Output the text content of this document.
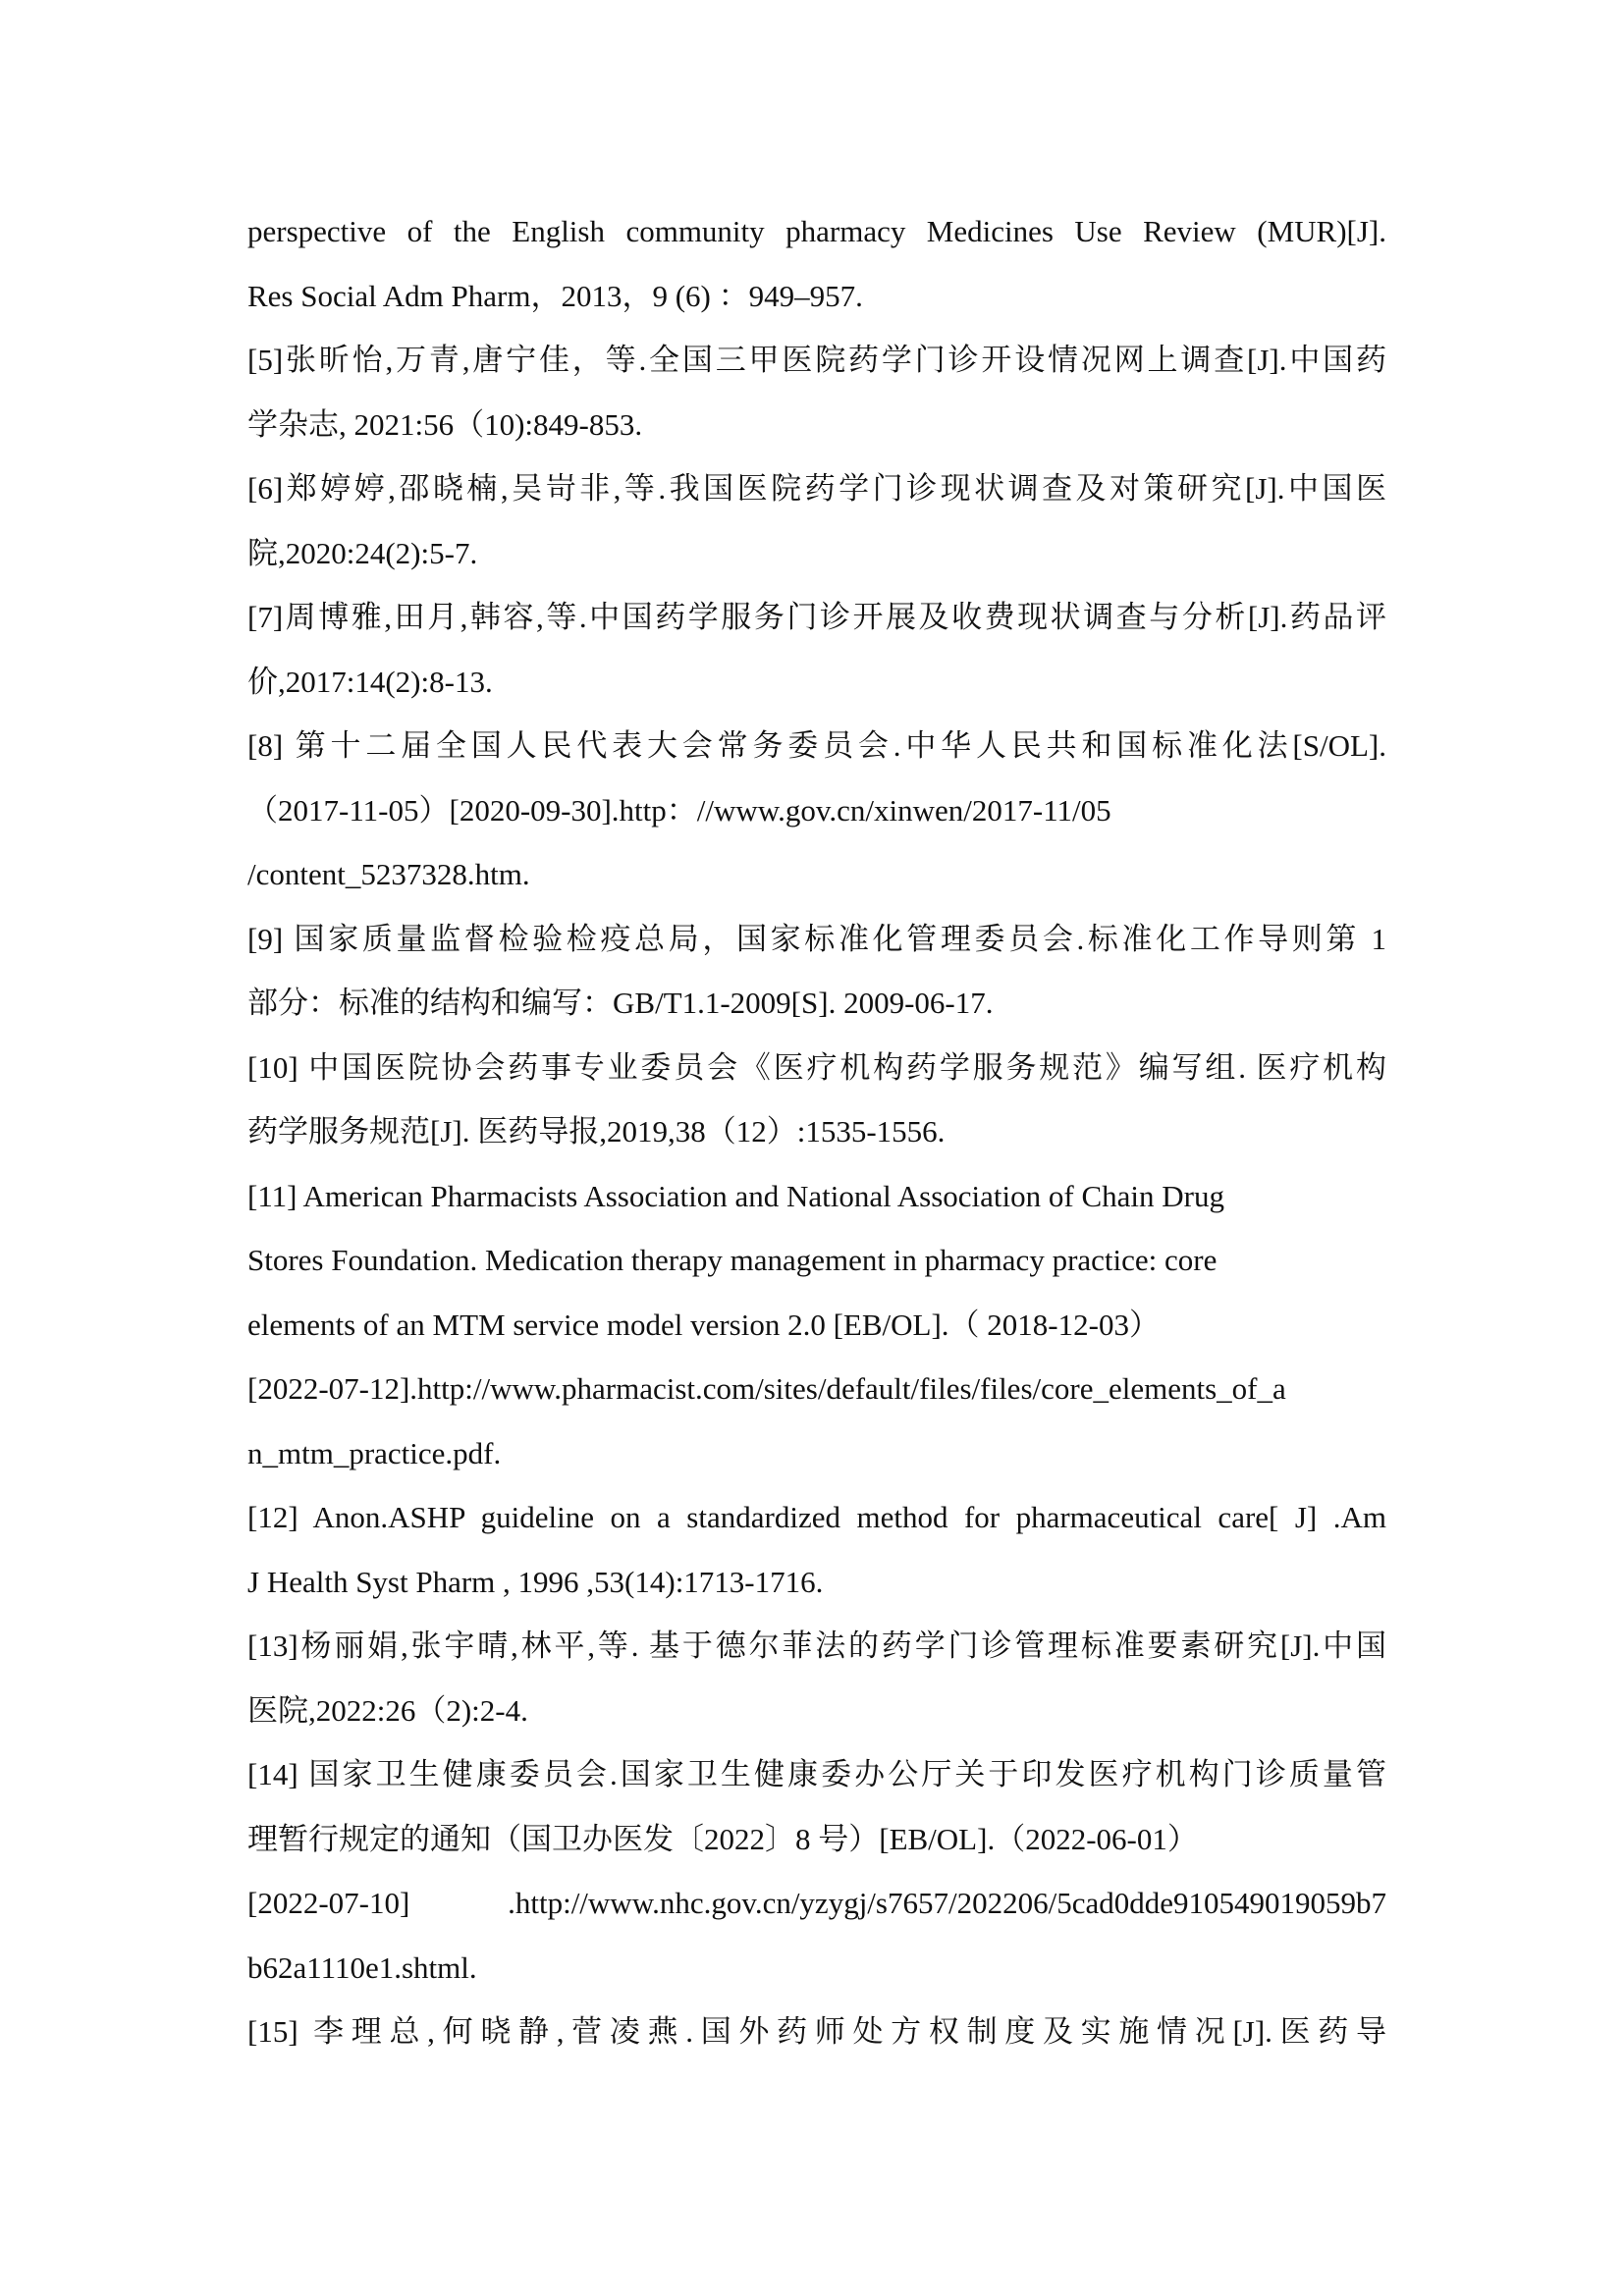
perspective of the English community pharmacy Medicines Use Review (MUR)[J].
Res Social Adm Pharm，2013，9 (6) ：949–957.
[5]张昕怡,万青,唐宁佳，等.全国三甲医院药学门诊开设情况网上调查[J].中国药
学杂志, 2021:56（10):849-853.
[6]郑婷婷,邵晓楠,吴岢非,等.我国医院药学门诊现状调查及对策研究[J].中国医
院,2020:24(2):5-7.
[7]周博雅,田月,韩容,等.中国药学服务门诊开展及收费现状调查与分析[J].药品评
价,2017:14(2):8-13.
[8] 第十二届全国人民代表大会常务委员会.中华人民共和国标准化法[S/OL].
（2017-11-05）[2020-09-30].http：//www.gov.cn/xinwen/2017-11/05
/content_5237328.htm.
[9] 国家质量监督检验检疫总局，国家标准化管理委员会.标准化工作导则第 1
部分：标准的结构和编写：GB/T1.1-2009[S]. 2009-06-17.
[10] 中国医院协会药事专业委员会《医疗机构药学服务规范》编写组. 医疗机构
药学服务规范[J]. 医药导报,2019,38（12）:1535-1556.
[11] American Pharmacists Association and National Association of Chain Drug
Stores Foundation. Medication therapy management in pharmacy practice: core
elements of an MTM service model version 2.0 [EB/OL].（ 2018-12-03）
[2022-07-12].http://www.pharmacist.com/sites/default/files/files/core_elements_of_a
n_mtm_practice.pdf.
[12] Anon.ASHP guideline on a standardized method for pharmaceutical care[ J] .Am
J Health Syst Pharm , 1996 ,53(14):1713-1716.
[13]杨丽娟,张宇晴,林平,等. 基于德尔菲法的药学门诊管理标准要素研究[J].中国
医院,2022:26（2):2-4.
[14] 国家卫生健康委员会.国家卫生健康委办公厅关于印发医疗机构门诊质量管
理暂行规定的通知（国卫办医发〔2022〕8 号）[EB/OL].（2022-06-01）
[2022-07-10] .http://www.nhc.gov.cn/yzygj/s7657/202206/5cad0dde910549019059b7
b62a1110e1.shtml.
[15] 李理总,何晓静,菅凌燕.国外药师处方权制度及实施情况[J].医药导
